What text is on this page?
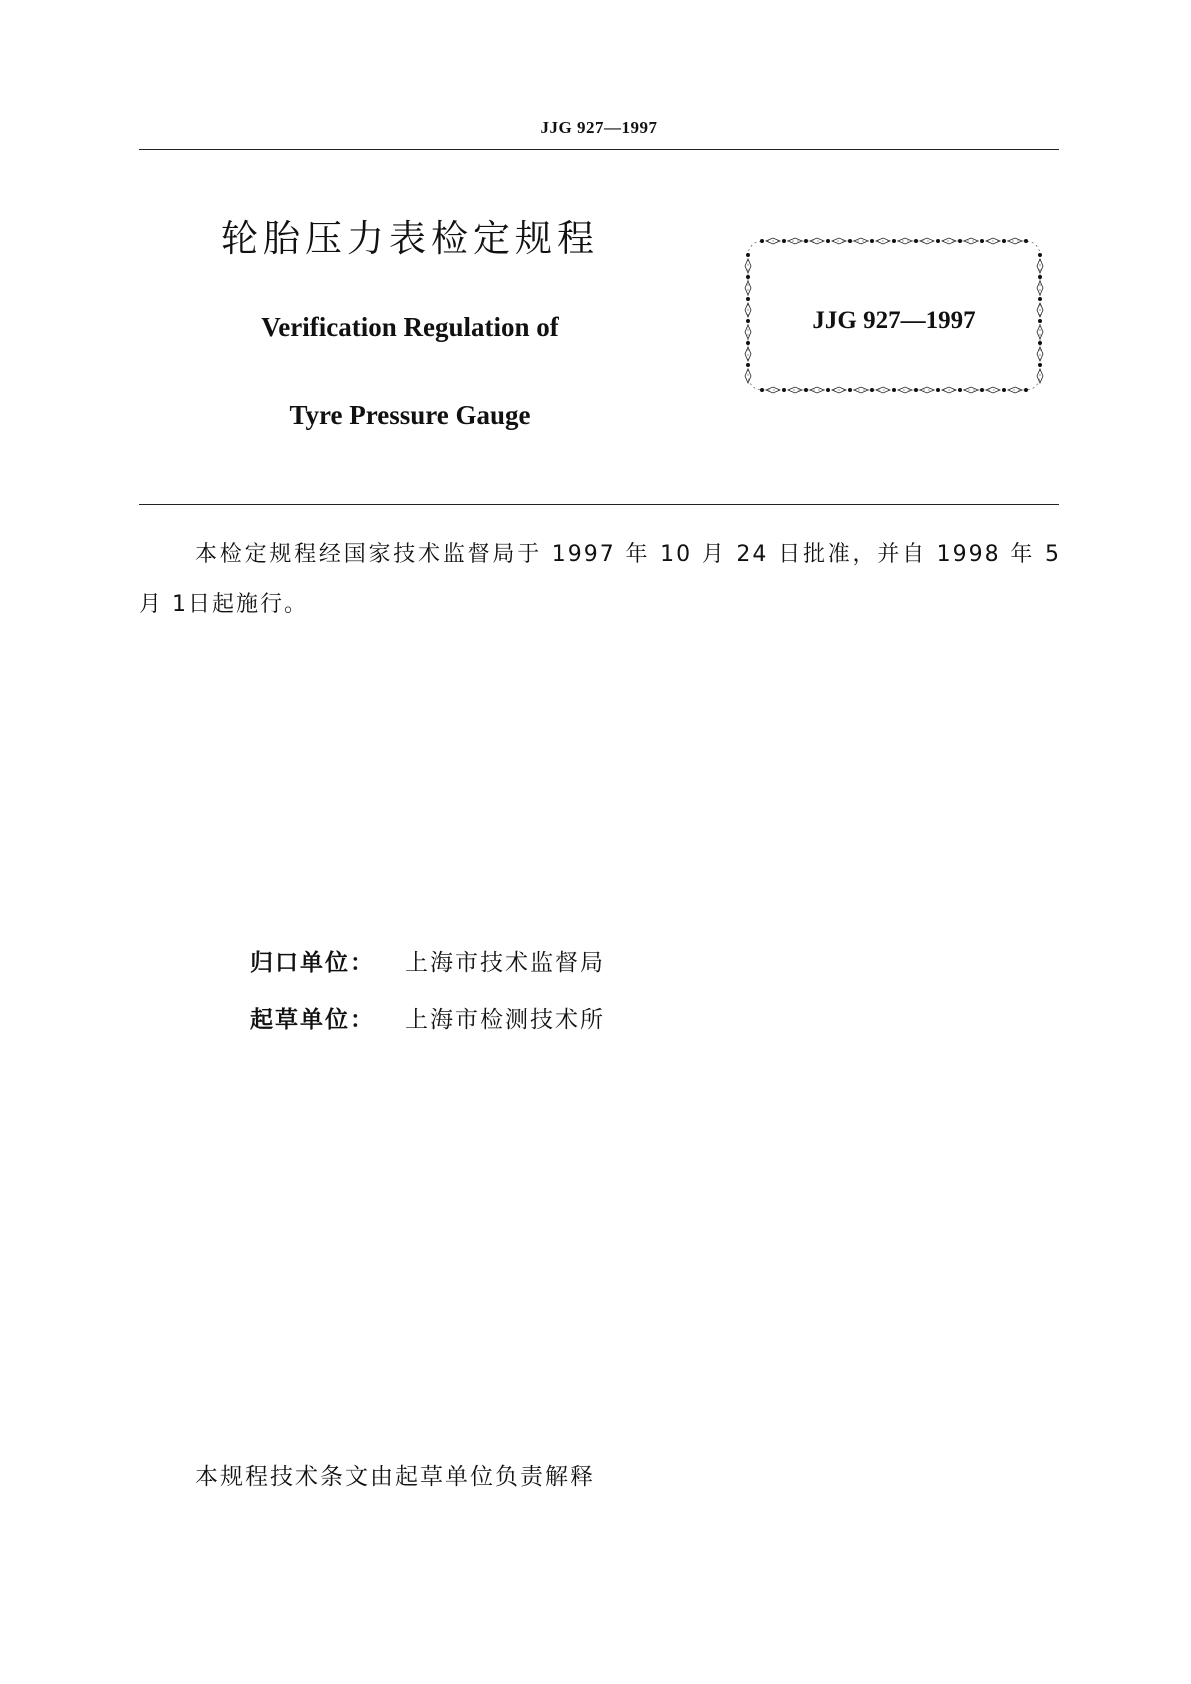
JJG 927—1997
轮胎压力表检定规程
Verification Regulation of
Tyre Pressure Gauge
JJG 927—1997
本检定规程经国家技术监督局于 1997 年 10 月 24 日批准，并自 1998 年 5 月 1日起施行。
归口单位： 上海市技术监督局
起草单位： 上海市检测技术所
本规程技术条文由起草单位负责解释
